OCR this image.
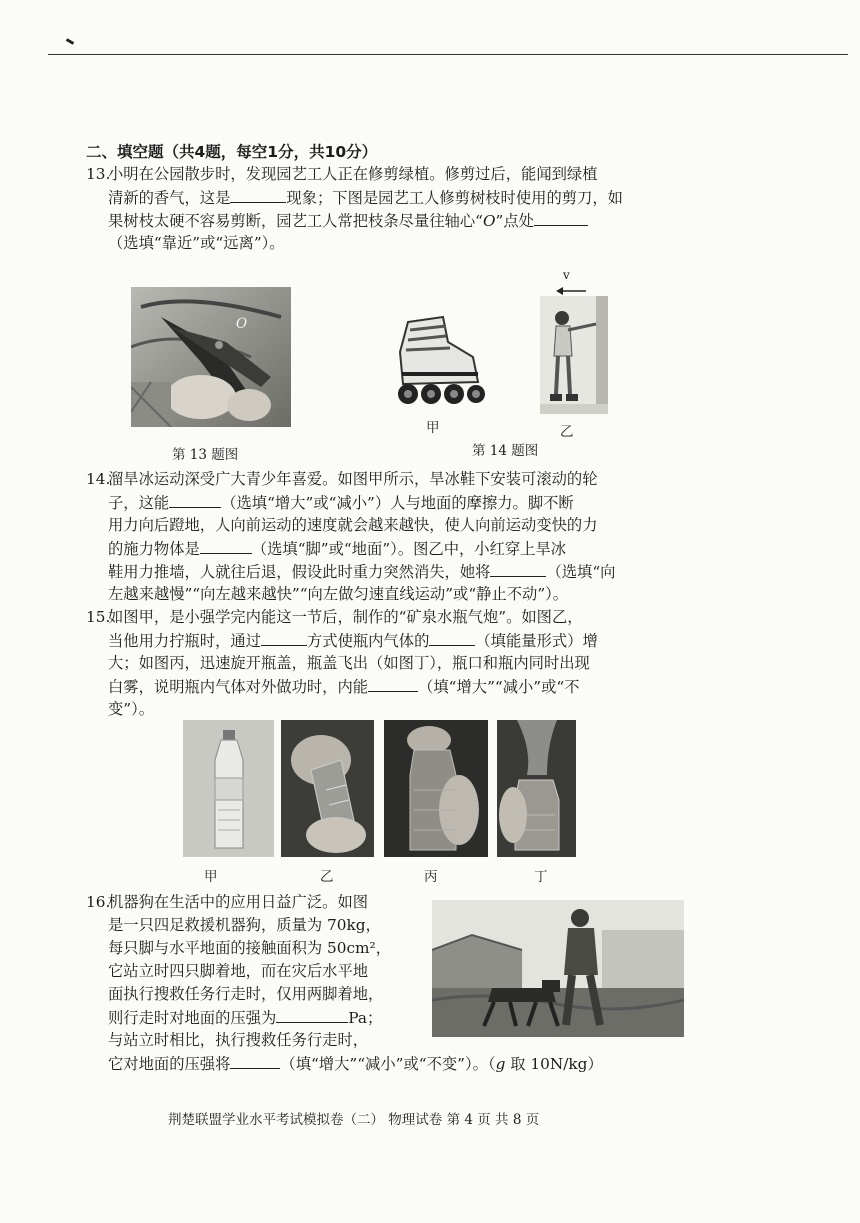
二、填空题（共4题，每空1分，共10分）
13.
小明在公园散步时，发现园艺工人正在修剪绿植。修剪过后，能闻到绿植
清新的香气，这是	现象；下图是园艺工人修剪树枝时使用的剪刀，如
果树枝太硬不容易剪断，园艺工人常把枝条尽量往轴心“O”点处
（选填“靠近”或“远离”）。
O
第 13 题图
甲
v
乙
第 14 题图
14.
溜旱冰运动深受广大青少年喜爱。如图甲所示，旱冰鞋下安装可滚动的轮
子，这能	（选填“增大”或“减小”）人与地面的摩擦力。脚不断
用力向后蹬地，人向前运动的速度就会越来越快，使人向前运动变快的力
的施力物体是	（选填“脚”或“地面”）。图乙中，小红穿上旱冰
鞋用力推墙，人就往后退，假设此时重力突然消失，她将	（选填“向
左越来越慢”“向左越来越快”“向左做匀速直线运动”或“静止不动”）。
15.
如图甲，是小强学完内能这一节后，制作的“矿泉水瓶气炮”。如图乙，
当他用力拧瓶时，通过	方式使瓶内气体的	（填能量形式）增
大；如图丙，迅速旋开瓶盖，瓶盖飞出（如图丁），瓶口和瓶内同时出现
白雾，说明瓶内气体对外做功时，内能	（填“增大”“减小”或“不
变”）。
甲	乙	丙	丁
16.
机器狗在生活中的应用日益广泛。如图
是一只四足救援机器狗，质量为 70kg，
每只脚与水平地面的接触面积为 50cm²，
它站立时四只脚着地，而在灾后水平地
面执行搜救任务行走时，仅用两脚着地，
则行走时对地面的压强为	Pa；
与站立时相比，执行搜救任务行走时，
它对地面的压强将	（填“增大”“减小”或“不变”）。（g 取 10N/kg）
荆楚联盟学业水平考试模拟卷（二） 物理试卷 第 4 页 共 8 页
